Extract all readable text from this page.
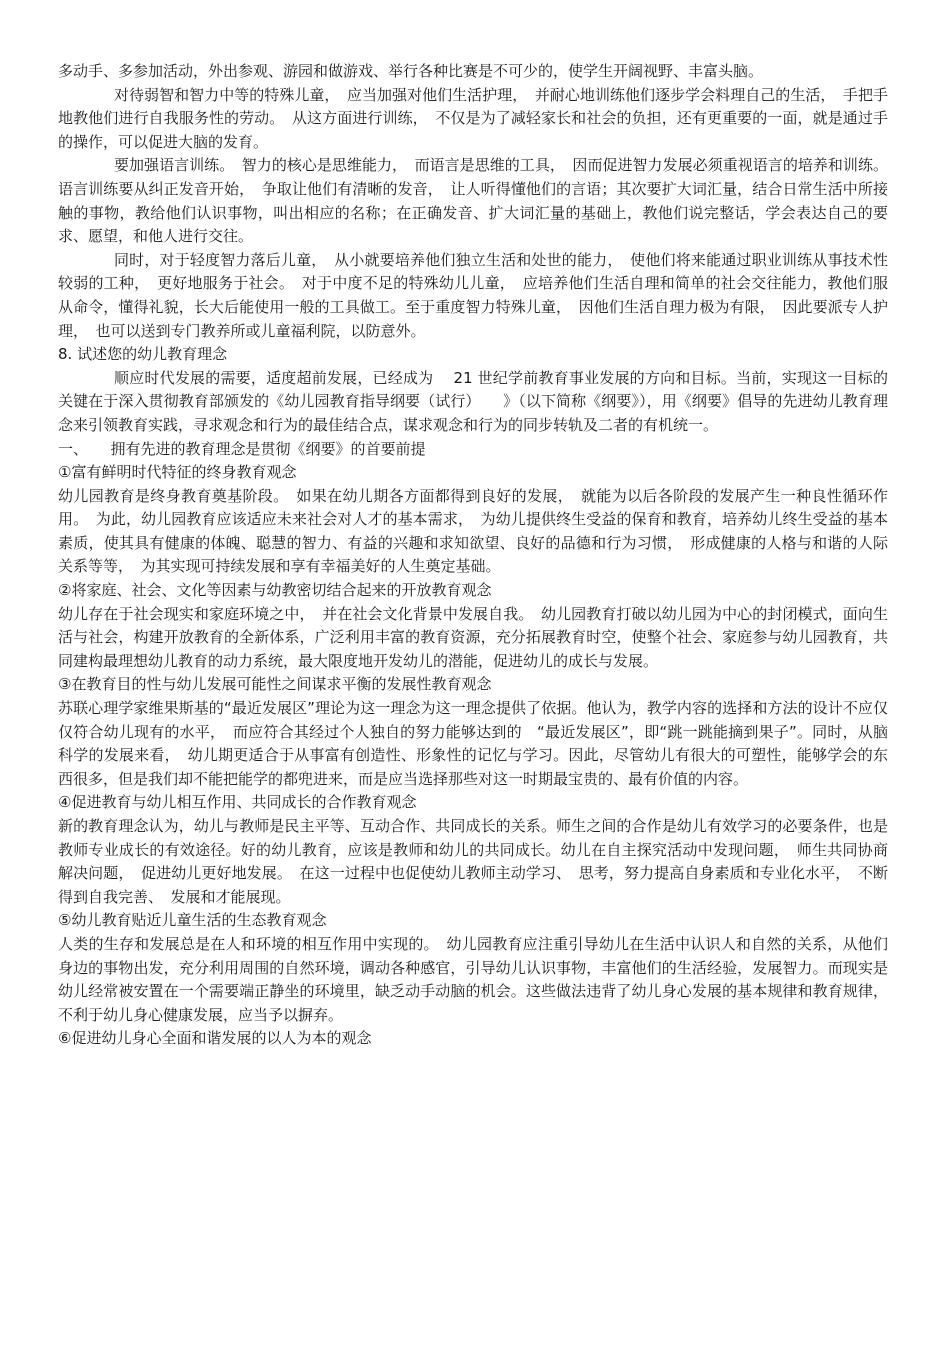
多动手、多参加活动，外出参观、游园和做游戏、举行各种比赛是不可少的，使学生开阔视野、丰富头脑。

对待弱智和智力中等的特殊儿童，　应当加强对他们生活护理，　并耐心地训练他们逐步学会料理自己的生活，　手把手地教他们进行自我服务性的劳动。　从这方面进行训练，　不仅是为了减轻家长和社会的负担，还有更重要的一面，就是通过手的操作，可以促进大脑的发育。

要加强语言训练。　智力的核心是思维能力，　而语言是思维的工具，　因而促进智力发展必须重视语言的培养和训练。语言训练要从纠正发音开始，　争取让他们有清晰的发音，　让人听得懂他们的言语；其次要扩大词汇量，结合日常生活中所接触的事物，教给他们认识事物，叫出相应的名称；在正确发音、扩大词汇量的基础上，教他们说完整话，学会表达自己的要求、愿望，和他人进行交往。

同时，对于轻度智力落后儿童，　从小就要培养他们独立生活和处世的能力，　使他们将来能通过职业训练从事技术性较弱的工种，　更好地服务于社会。　对于中度不足的特殊幼儿儿童，　应培养他们生活自理和简单的社会交往能力，教他们服从命令，懂得礼貌，长大后能使用一般的工具做工。至于重度智力特殊儿童，　因他们生活自理力极为有限，　因此要派专人护理，　也可以送到专门教养所或儿童福利院，以防意外。

8. 试述您的幼儿教育理念

顺应时代发展的需要，适度超前发展，已经成为　 21 世纪学前教育事业发展的方向和目标。当前，实现这一目标的关键在于深入贯彻教育部颁发的《幼儿园教育指导纲要（试行）　　》（以下简称《纲要》），用《纲要》倡导的先进幼儿教育理念来引领教育实践，寻求观念和行为的最佳结合点，谋求观念和行为的同步转轨及二者的有机统一。

一、　　拥有先进的教育理念是贯彻《纲要》的首要前提

①富有鲜明时代特征的终身教育观念

幼儿园教育是终身教育奠基阶段。　如果在幼儿期各方面都得到良好的发展，　就能为以后各阶段的发展产生一种良性循环作用。　为此，幼儿园教育应该适应未来社会对人才的基本需求，　为幼儿提供终生受益的保育和教育，培养幼儿终生受益的基本素质，使其具有健康的体魄、聪慧的智力、有益的兴趣和求知欲望、良好的品德和行为习惯，　形成健康的人格与和谐的人际关系等等，　为其实现可持续发展和享有幸福美好的人生奠定基础。

②将家庭、社会、文化等因素与幼教密切结合起来的开放教育观念

幼儿存在于社会现实和家庭环境之中，　并在社会文化背景中发展自我。　幼儿园教育打破以幼儿园为中心的封闭模式，面向生活与社会，构建开放教育的全新体系，广泛利用丰富的教育资源，充分拓展教育时空，使整个社会、家庭参与幼儿园教育，共同建构最理想幼儿教育的动力系统，最大限度地开发幼儿的潜能，促进幼儿的成长与发展。

③在教育目的性与幼儿发展可能性之间谋求平衡的发展性教育观念

苏联心理学家维果斯基的“最近发展区”理论为这一理念为这一理念提供了依据。他认为，教学内容的选择和方法的设计不应仅仅符合幼儿现有的水平，　而应符合其经过个人独自的努力能够达到的　“最近发展区”，即“跳一跳能摘到果子”。同时，从脑科学的发展来看，　幼儿期更适合于从事富有创造性、形象性的记忆与学习。因此，尽管幼儿有很大的可塑性，能够学会的东西很多，但是我们却不能把能学的都兜进来，而是应当选择那些对这一时期最宝贵的、最有价值的内容。

④促进教育与幼儿相互作用、共同成长的合作教育观念

新的教育理念认为，幼儿与教师是民主平等、互动合作、共同成长的关系。师生之间的合作是幼儿有效学习的必要条件，也是教师专业成长的有效途径。好的幼儿教育，应该是教师和幼儿的共同成长。幼儿在自主探究活动中发现问题，　师生共同协商解决问题，　促进幼儿更好地发展。　在这一过程中也促使幼儿教师主动学习、　思考，努力提高自身素质和专业化水平，　不断得到自我完善、　发展和才能展现。

⑤幼儿教育贴近儿童生活的生态教育观念

人类的生存和发展总是在人和环境的相互作用中实现的。　幼儿园教育应注重引导幼儿在生活中认识人和自然的关系，从他们身边的事物出发，充分利用周围的自然环境，调动各种感官，引导幼儿认识事物，丰富他们的生活经验，发展智力。而现实是幼儿经常被安置在一个需要端正静坐的环境里，缺乏动手动脑的机会。这些做法违背了幼儿身心发展的基本规律和教育规律，不利于幼儿身心健康发展，应当予以摒弃。

⑥促进幼儿身心全面和谐发展的以人为本的观念
